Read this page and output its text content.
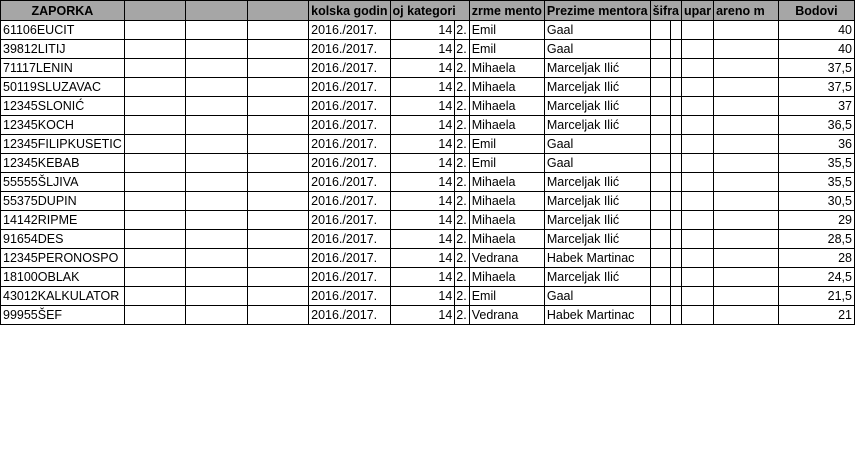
ZAPORKA				kolska godin	oj kategori		zrme mento	Prezime mentora	šifra		upar	areno m	Bodovi
61106EUCIT				2016./2017.	14	2.	Emil	Gaal					40
39812LITIJ				2016./2017.	14	2.	Emil	Gaal					40
71117LENIN				2016./2017.	14	2.	Mihaela	Marceljak Ilić					37,5
50119SLUZAVAC				2016./2017.	14	2.	Mihaela	Marceljak Ilić					37,5
12345SLONIĆ				2016./2017.	14	2.	Mihaela	Marceljak Ilić					37
12345KOCH				2016./2017.	14	2.	Mihaela	Marceljak Ilić					36,5
12345FILIPKUSETIC				2016./2017.	14	2.	Emil	Gaal					36
12345KEBAB				2016./2017.	14	2.	Emil	Gaal					35,5
55555ŠLJIVA				2016./2017.	14	2.	Mihaela	Marceljak Ilić					35,5
55375DUPIN				2016./2017.	14	2.	Mihaela	Marceljak Ilić					30,5
14142RIPME				2016./2017.	14	2.	Mihaela	Marceljak Ilić					29
91654DES				2016./2017.	14	2.	Mihaela	Marceljak Ilić					28,5
12345PERONOSPO				2016./2017.	14	2.	Vedrana	Habek Martinac					28
18100OBLAK				2016./2017.	14	2.	Mihaela	Marceljak Ilić					24,5
43012KALKULATOR				2016./2017.	14	2.	Emil	Gaal					21,5
99955ŠEF				2016./2017.	14	2.	Vedrana	Habek Martinac					21
